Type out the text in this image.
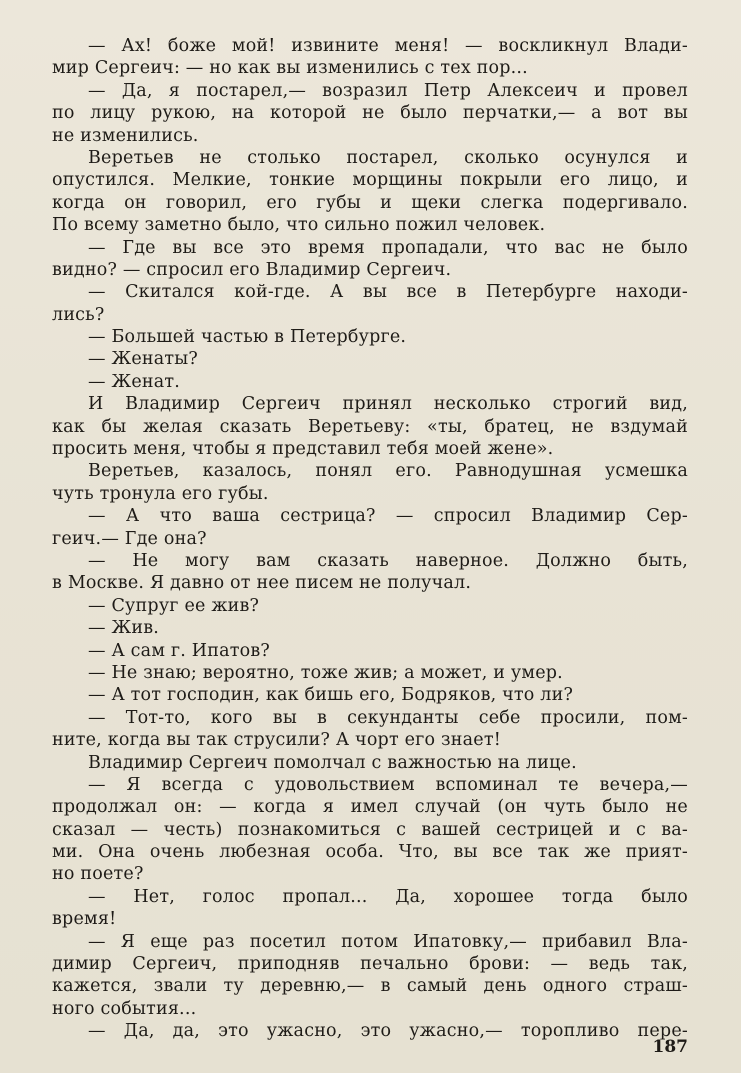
— Ах! боже мой! извините меня! — воскликнул Влади-
мир Сергеич: — но как вы изменились с тех пор...
— Да, я постарел,— возразил Петр Алексеич и провел
по лицу рукою, на которой не было перчатки,— а вот вы
не изменились.
Веретьев не столько постарел, сколько осунулся и
опустился. Мелкие, тонкие морщины покрыли его лицо, и
когда он говорил, его губы и щеки слегка подергивало.
По всему заметно было, что сильно пожил человек.
— Где вы все это время пропадали, что вас не было
видно? — спросил его Владимир Сергеич.
— Скитался кой-где. А вы все в Петербурге находи-
лись?
— Большей частью в Петербурге.
— Женаты?
— Женат.
И Владимир Сергеич принял несколько строгий вид,
как бы желая сказать Веретьеву: «ты, братец, не вздумай
просить меня, чтобы я представил тебя моей жене».
Веретьев, казалось, понял его. Равнодушная усмешка
чуть тронула его губы.
— А что ваша сестрица? — спросил Владимир Сер-
геич.— Где она?
— Не могу вам сказать наверное. Должно быть,
в Москве. Я давно от нее писем не получал.
— Супруг ее жив?
— Жив.
— А сам г. Ипатов?
— Не знаю; вероятно, тоже жив; а может, и умер.
— А тот господин, как бишь его, Бодряков, что ли?
— Тот-то, кого вы в секунданты себе просили, пом-
ните, когда вы так струсили? А чорт его знает!
Владимир Сергеич помолчал с важностью на лице.
— Я всегда с удовольствием вспоминал те вечера,—
продолжал он: — когда я имел случай (он чуть было не
сказал — честь) познакомиться с вашей сестрицей и с ва-
ми. Она очень любезная особа. Что, вы все так же прият-
но поете?
— Нет, голос пропал... Да, хорошее тогда было
время!
— Я еще раз посетил потом Ипатовку,— прибавил Вла-
димир Сергеич, приподняв печально брови: — ведь так,
кажется, звали ту деревню,— в самый день одного страш-
ного события...
— Да, да, это ужасно, это ужасно,— торопливо пере-
187
